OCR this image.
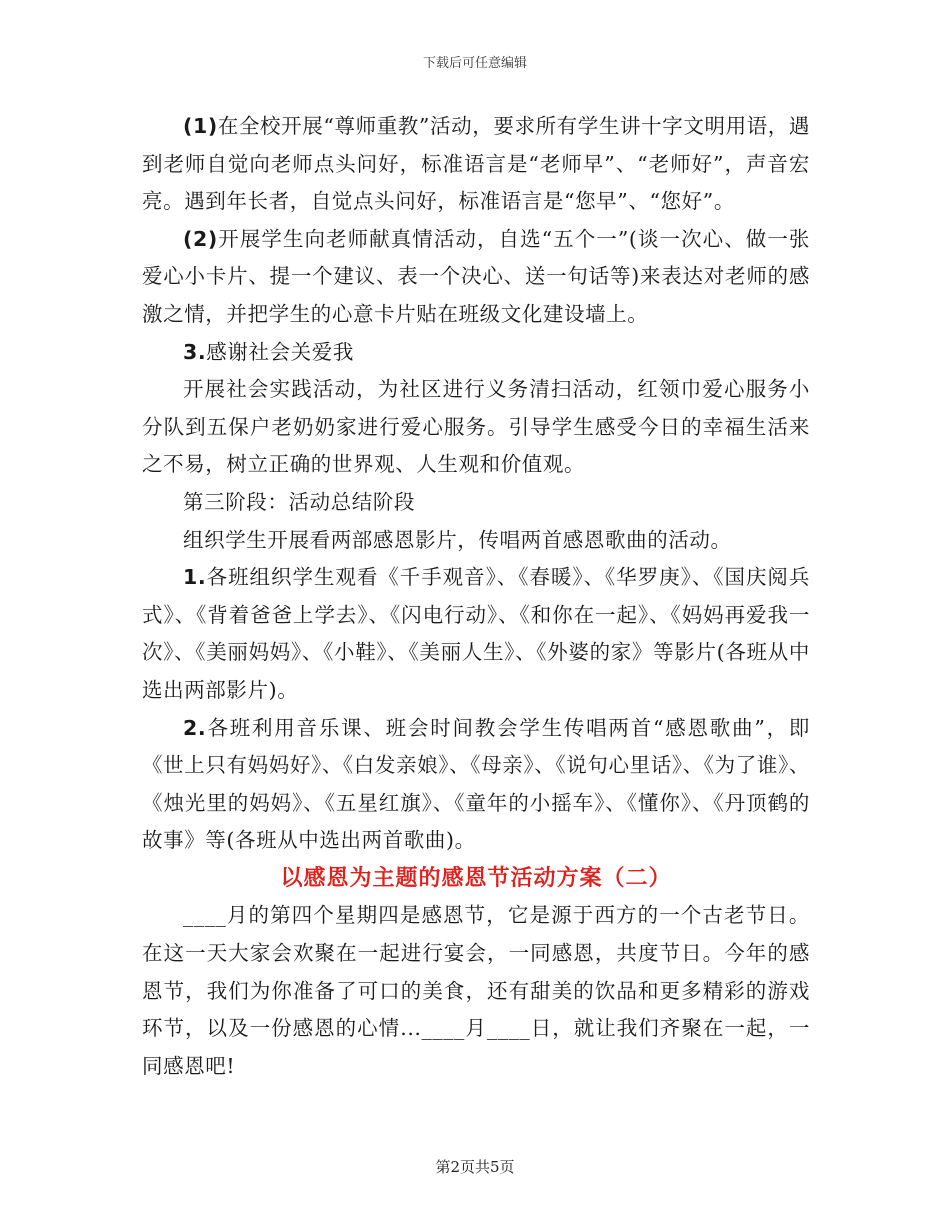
下载后可任意编辑

(1)在全校开展“尊师重教”活动，要求所有学生讲十字文明用语，遇到老师自觉向老师点头问好，标准语言是“老师早”、“老师好”，声音宏亮。遇到年长者，自觉点头问好，标准语言是“您早”、“您好”。

(2)开展学生向老师献真情活动，自选“五个一”(谈一次心、做一张爱心小卡片、提一个建议、表一个决心、送一句话等)来表达对老师的感激之情，并把学生的心意卡片贴在班级文化建设墙上。

3.感谢社会关爱我

开展社会实践活动，为社区进行义务清扫活动，红领巾爱心服务小分队到五保户老奶奶家进行爱心服务。引导学生感受今日的幸福生活来之不易，树立正确的世界观、人生观和价值观。

第三阶段：活动总结阶段

组织学生开展看两部感恩影片，传唱两首感恩歌曲的活动。

1.各班组织学生观看《千手观音》、《春暖》、《华罗庚》、《国庆阅兵式》、《背着爸爸上学去》、《闪电行动》、《和你在一起》、《妈妈再爱我一次》、《美丽妈妈》、《小鞋》、《美丽人生》、《外婆的家》等影片(各班从中选出两部影片)。

2.各班利用音乐课、班会时间教会学生传唱两首“感恩歌曲”，即《世上只有妈妈好》、《白发亲娘》、《母亲》、《说句心里话》、《为了谁》、《烛光里的妈妈》、《五星红旗》、《童年的小摇车》、《懂你》、《丹顶鹤的故事》等(各班从中选出两首歌曲)。

以感恩为主题的感恩节活动方案（二）

____月的第四个星期四是感恩节，它是源于西方的一个古老节日。在这一天大家会欢聚在一起进行宴会，一同感恩，共度节日。今年的感恩节，我们为你准备了可口的美食，还有甜美的饮品和更多精彩的游戏环节，以及一份感恩的心情...____月____日，就让我们齐聚在一起，一同感恩吧!

第2页共5页
